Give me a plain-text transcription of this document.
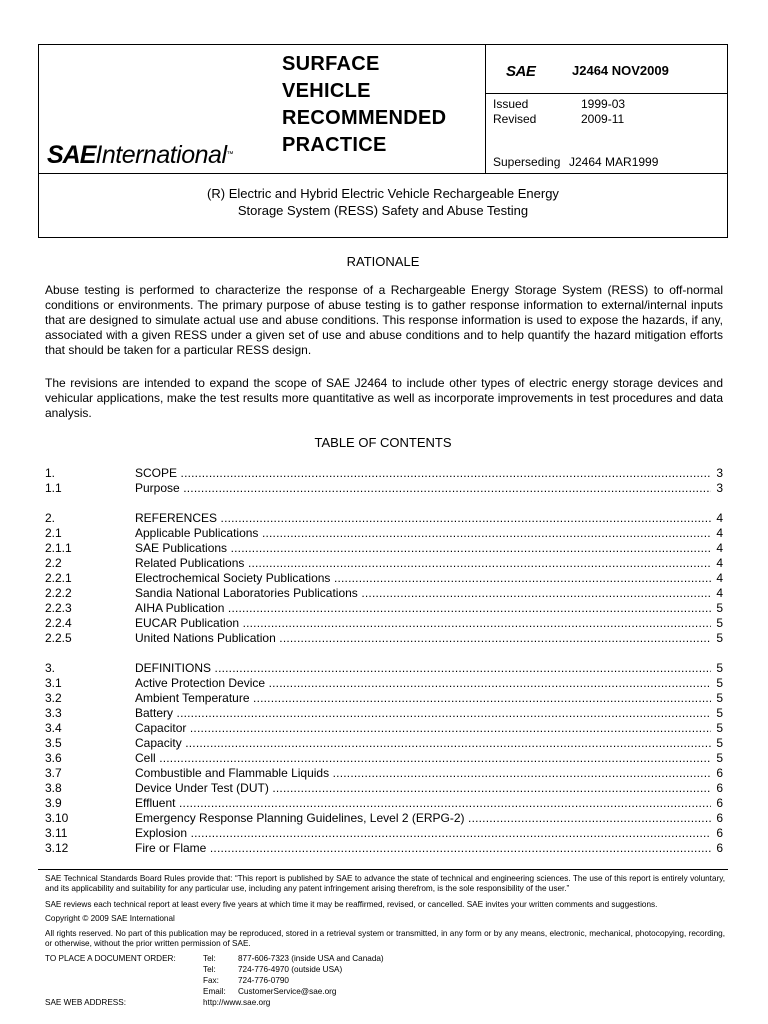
SAEInternational™
SURFACE
VEHICLE
RECOMMENDED
PRACTICE
SAE	J2464 NOV2009
Issued	1999-03
Revised	2009-11
Superseding J2464 MAR1999
(R) Electric and Hybrid Electric Vehicle Rechargeable Energy
Storage System (RESS) Safety and Abuse Testing
RATIONALE
Abuse testing is performed to characterize the response of a Rechargeable Energy Storage System (RESS) to off-normal conditions or environments. The primary purpose of abuse testing is to gather response information to external/internal inputs that are designed to simulate actual use and abuse conditions. This response information is used to expose the hazards, if any, associated with a given RESS under a given set of use and abuse conditions and to help quantify the hazard mitigation efforts that should be taken for a particular RESS design.
The revisions are intended to expand the scope of SAE J2464 to include other types of electric energy storage devices and vehicular applications, make the test results more quantitative as well as incorporate improvements in test procedures and data analysis.
TABLE OF CONTENTS
1.	SCOPE .....	3
1.1	Purpose .....	3
2.	REFERENCES .....	4
2.1	Applicable Publications .....	4
2.1.1	SAE Publications .....	4
2.2	Related Publications .....	4
2.2.1	Electrochemical Society Publications .....	4
2.2.2	Sandia National Laboratories Publications .....	4
2.2.3	AIHA Publication .....	5
2.2.4	EUCAR Publication .....	5
2.2.5	United Nations Publication .....	5
3.	DEFINITIONS .....	5
3.1	Active Protection Device .....	5
3.2	Ambient Temperature .....	5
3.3	Battery .....	5
3.4	Capacitor .....	5
3.5	Capacity .....	5
3.6	Cell .....	5
3.7	Combustible and Flammable Liquids .....	6
3.8	Device Under Test (DUT) .....	6
3.9	Effluent .....	6
3.10	Emergency Response Planning Guidelines, Level 2 (ERPG-2) .....	6
3.11	Explosion .....	6
3.12	Fire or Flame .....	6
SAE Technical Standards Board Rules provide that: “This report is published by SAE to advance the state of technical and engineering sciences. The use of this report is entirely voluntary, and its applicability and suitability for any particular use, including any patent infringement arising therefrom, is the sole responsibility of the user.”
SAE reviews each technical report at least every five years at which time it may be reaffirmed, revised, or cancelled. SAE invites your written comments and suggestions.
Copyright © 2009 SAE International
All rights reserved. No part of this publication may be reproduced, stored in a retrieval system or transmitted, in any form or by any means, electronic, mechanical, photocopying, recording, or otherwise, without the prior written permission of SAE.
TO PLACE A DOCUMENT ORDER:	Tel:	877-606-7323 (inside USA and Canada)
Tel:	724-776-4970 (outside USA)
Fax: 724-776-0790
Email: CustomerService@sae.org
SAE WEB ADDRESS:	http://www.sae.org
